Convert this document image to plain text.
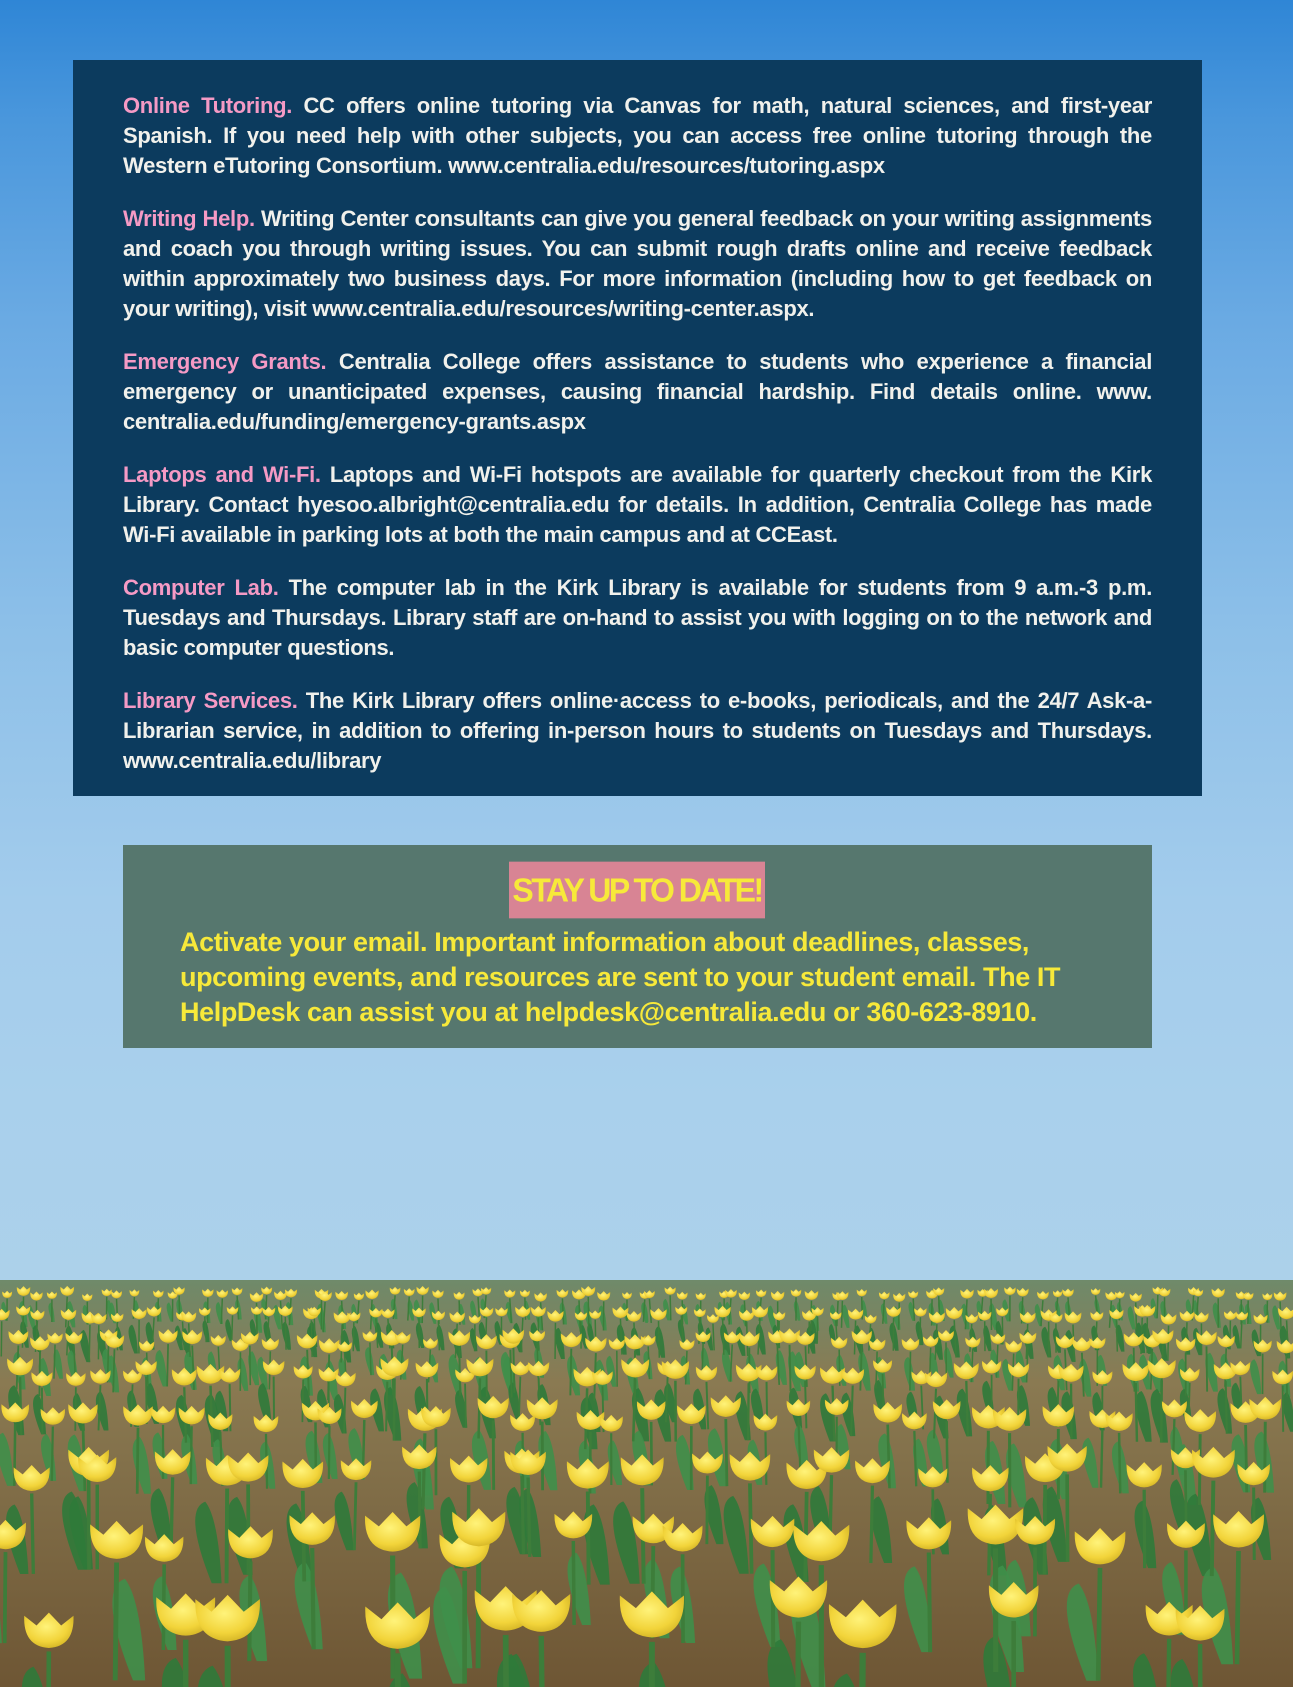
Online Tutoring. CC offers online tutoring via Canvas for math, natural sciences, and first-year Spanish. If you need help with other subjects, you can access free online tutoring through the Western eTutoring Consortium. www.centralia.edu/resources/tutoring.aspx

Writing Help. Writing Center consultants can give you general feedback on your writing assignments and coach you through writing issues. You can submit rough drafts online and receive feedback within approximately two business days. For more information (including how to get feedback on your writing), visit www.centralia.edu/resources/writing-center.aspx.

Emergency Grants. Centralia College offers assistance to students who experience a financial emergency or unanticipated expenses, causing financial hardship. Find details online. www. centralia.edu/funding/emergency-grants.aspx

Laptops and Wi-Fi. Laptops and Wi-Fi hotspots are available for quarterly checkout from the Kirk Library. Contact hyesoo.albright@centralia.edu for details. In addition, Centralia College has made Wi-Fi available in parking lots at both the main campus and at CCEast.

Computer Lab. The computer lab in the Kirk Library is available for students from 9 a.m.-3 p.m. Tuesdays and Thursdays. Library staff are on-hand to assist you with logging on to the network and basic computer questions.

Library Services. The Kirk Library offers online·access to e-books, periodicals, and the 24/7 Ask-a-Librarian service, in addition to offering in-person hours to students on Tuesdays and Thursdays. www.centralia.edu/library

STAY UP TO DATE!

Activate your email. Important information about deadlines, classes, upcoming events, and resources are sent to your student email. The IT HelpDesk can assist you at helpdesk@centralia.edu or 360-623-8910.
